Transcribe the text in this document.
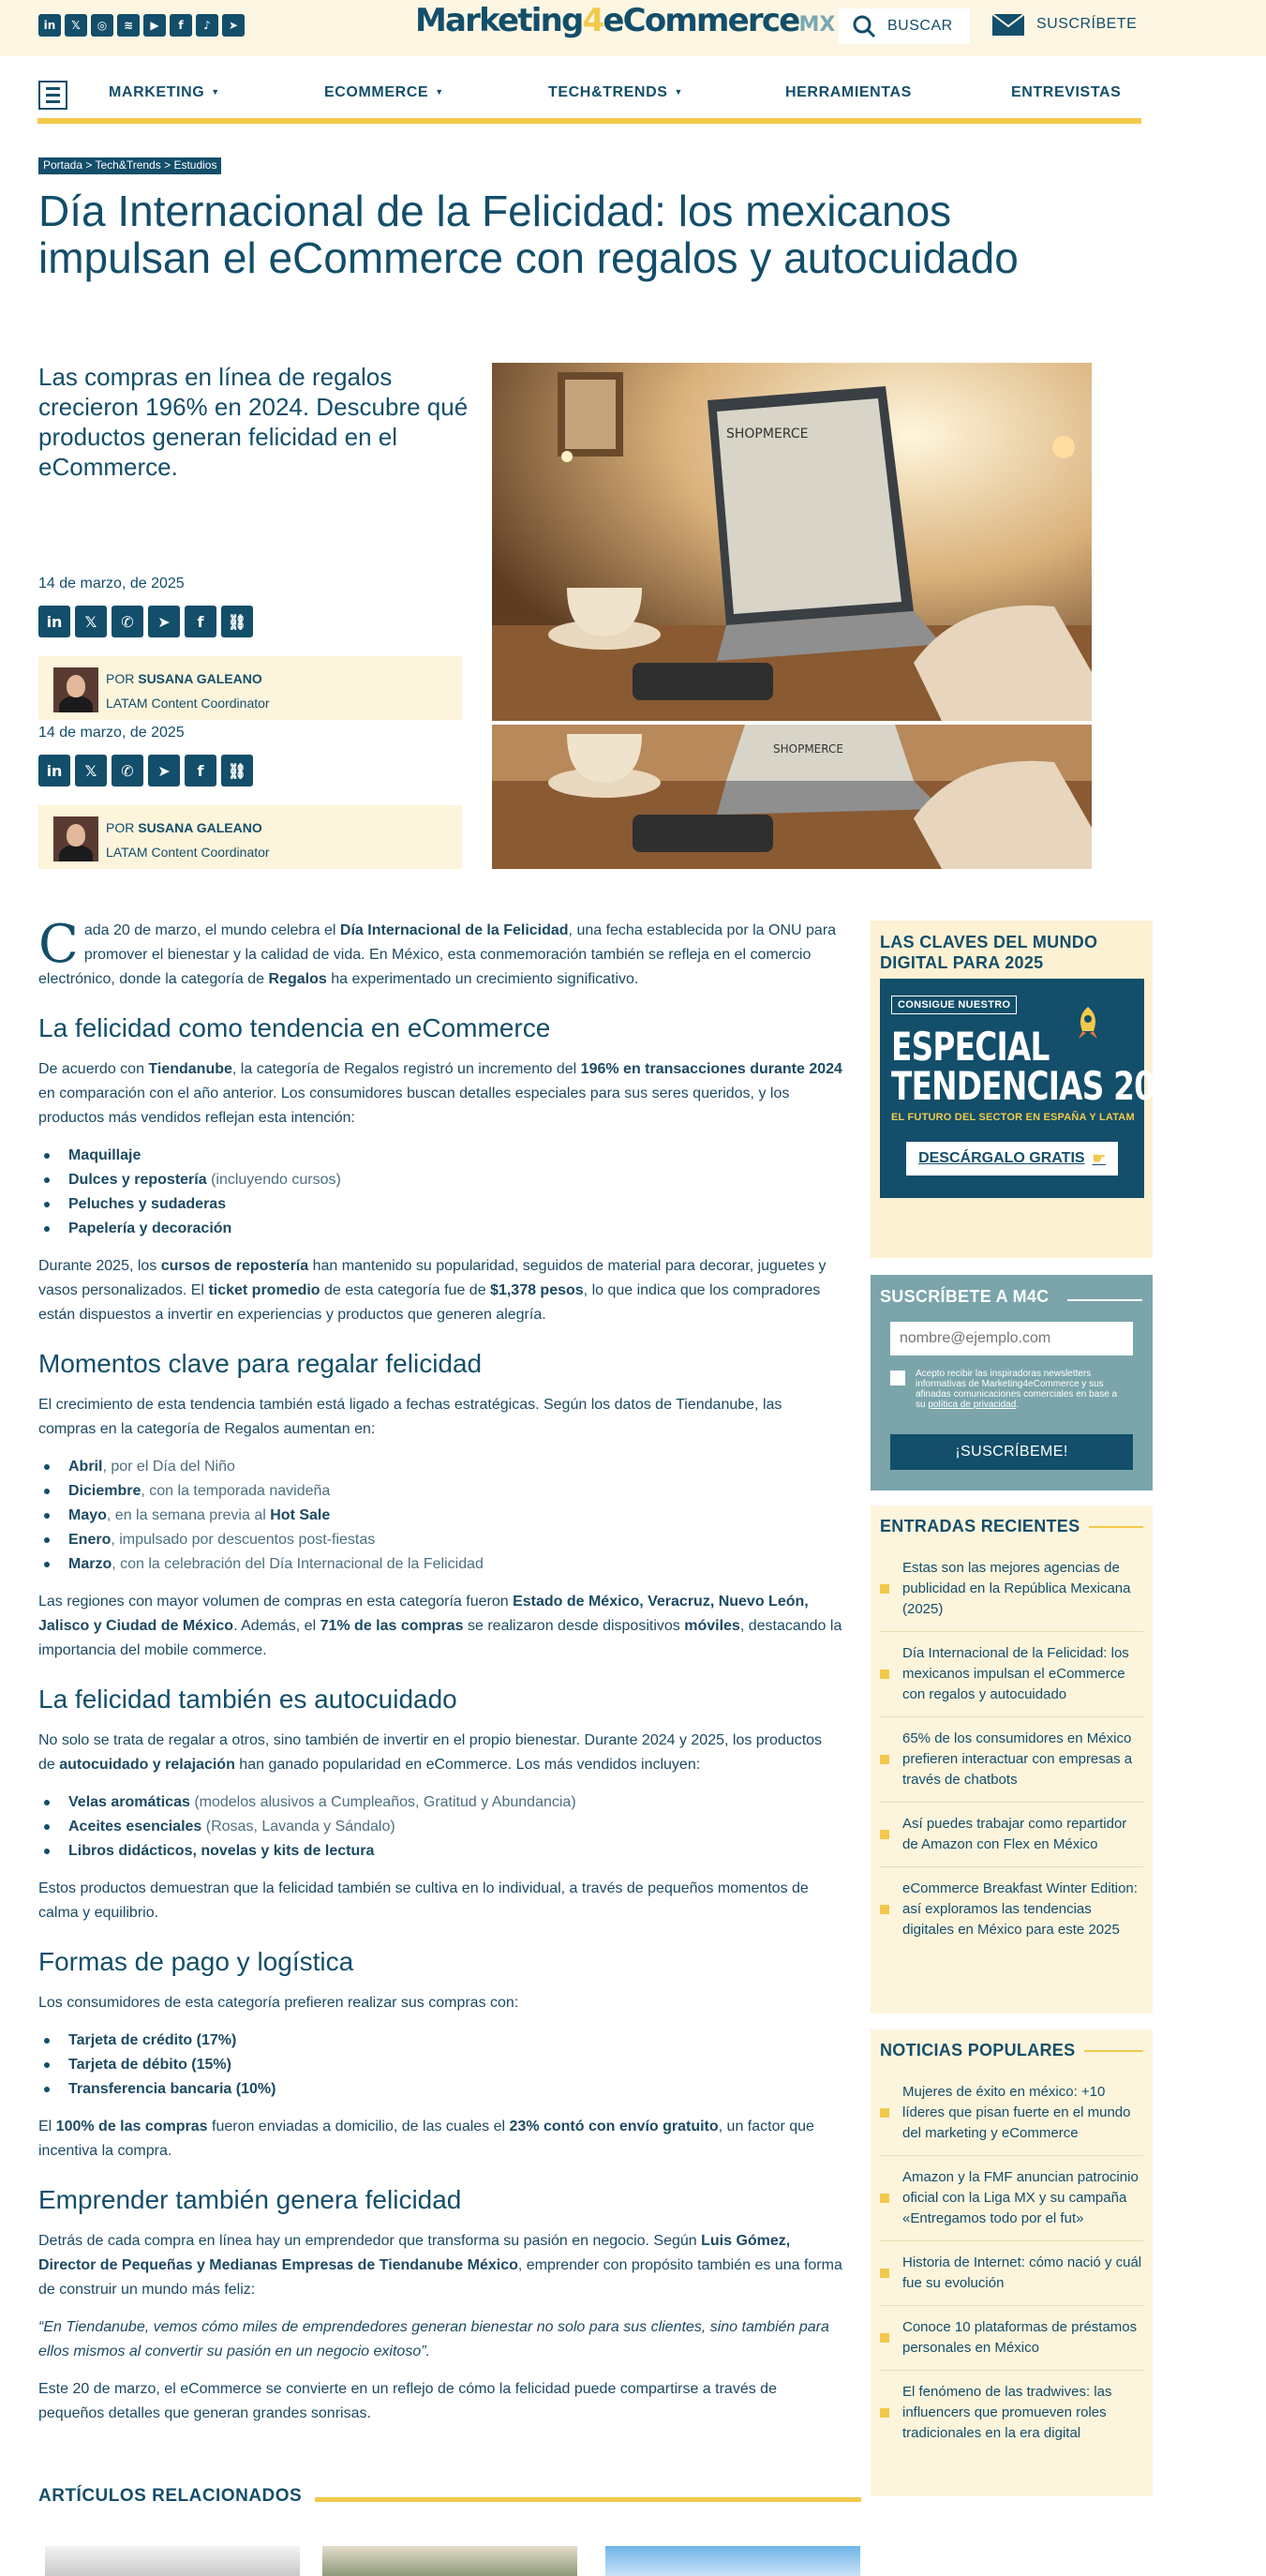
in	𝕏	◎	≋	▶	f	♪	➤	Marketing4eCommerceMX	BUSCAR	SUSCRÍBETE
MARKETING ▼	ECOMMERCE ▼	TECH&TRENDS ▼	HERRAMIENTAS	ENTREVISTAS
Portada > Tech&Trends > Estudios
Día Internacional de la Felicidad: los mexicanos impulsan el eCommerce con regalos y autocuidado
Las compras en línea de regalos crecieron 196% en 2024. Descubre qué productos generan felicidad en el eCommerce.
14 de marzo, de 2025
in	𝕏	✆	➤	f	⛓
POR SUSANA GALEANO
LATAM Content Coordinator
14 de marzo, de 2025
in	𝕏	✆	➤	f	⛓
POR SUSANA GALEANO
LATAM Content Coordinator
SHOPMERCE
SHOPMERCE

Cada 20 de marzo, el mundo celebra el Día Internacional de la Felicidad, una fecha establecida por la ONU para promover el bienestar y la calidad de vida. En México, esta conmemoración también se refleja en el comercio electrónico, donde la categoría de Regalos ha experimentado un crecimiento significativo.

La felicidad como tendencia en eCommerce

De acuerdo con Tiendanube, la categoría de Regalos registró un incremento del 196% en transacciones durante 2024 en comparación con el año anterior. Los consumidores buscan detalles especiales para sus seres queridos, y los productos más vendidos reflejan esta intención:

Maquillaje
Dulces y repostería (incluyendo cursos)
Peluches y sudaderas
Papelería y decoración

Durante 2025, los cursos de repostería han mantenido su popularidad, seguidos de material para decorar, juguetes y vasos personalizados. El ticket promedio de esta categoría fue de $1,378 pesos, lo que indica que los compradores están dispuestos a invertir en experiencias y productos que generen alegría.

Momentos clave para regalar felicidad

El crecimiento de esta tendencia también está ligado a fechas estratégicas. Según los datos de Tiendanube, las compras en la categoría de Regalos aumentan en:

Abril, por el Día del Niño
Diciembre, con la temporada navideña
Mayo, en la semana previa al Hot Sale
Enero, impulsado por descuentos post-fiestas
Marzo, con la celebración del Día Internacional de la Felicidad

Las regiones con mayor volumen de compras en esta categoría fueron Estado de México, Veracruz, Nuevo León, Jalisco y Ciudad de México. Además, el 71% de las compras se realizaron desde dispositivos móviles, destacando la importancia del mobile commerce.

La felicidad también es autocuidado

No solo se trata de regalar a otros, sino también de invertir en el propio bienestar. Durante 2024 y 2025, los productos de autocuidado y relajación han ganado popularidad en eCommerce. Los más vendidos incluyen:

Velas aromáticas (modelos alusivos a Cumpleaños, Gratitud y Abundancia)
Aceites esenciales (Rosas, Lavanda y Sándalo)
Libros didácticos, novelas y kits de lectura

Estos productos demuestran que la felicidad también se cultiva en lo individual, a través de pequeños momentos de calma y equilibrio.

Formas de pago y logística

Los consumidores de esta categoría prefieren realizar sus compras con:

Tarjeta de crédito (17%)
Tarjeta de débito (15%)
Transferencia bancaria (10%)

El 100% de las compras fueron enviadas a domicilio, de las cuales el 23% contó con envío gratuito, un factor que incentiva la compra.

Emprender también genera felicidad

Detrás de cada compra en línea hay un emprendedor que transforma su pasión en negocio. Según Luis Gómez, Director de Pequeñas y Medianas Empresas de Tiendanube México, emprender con propósito también es una forma de construir un mundo más feliz:

“En Tiendanube, vemos cómo miles de emprendedores generan bienestar no solo para sus clientes, sino también para ellos mismos al convertir su pasión en un negocio exitoso”.

Este 20 de marzo, el eCommerce se convierte en un reflejo de cómo la felicidad puede compartirse a través de pequeños detalles que generan grandes sonrisas.

ARTÍCULOS RELACIONADOS
LAS CLAVES DEL MUNDO DIGITAL PARA 2025
CONSIGUE NUESTRO
ESPECIAL
TENDENCIAS 2025
EL FUTURO DEL SECTOR EN ESPAÑA Y LATAM
DESCÁRGALO GRATIS ☛
SUSCRÍBETE A M4C
nombre@ejemplo.com
Acepto recibir las inspiradoras newsletters informativas de Marketing4eCommerce y sus afinadas comunicaciones comerciales en base a su política de privacidad.
¡SUSCRÍBEME!
ENTRADAS RECIENTES
Estas son las mejores agencias de publicidad en la República Mexicana (2025)
Día Internacional de la Felicidad: los mexicanos impulsan el eCommerce con regalos y autocuidado
65% de los consumidores en México prefieren interactuar con empresas a través de chatbots
Así puedes trabajar como repartidor de Amazon con Flex en México
eCommerce Breakfast Winter Edition: así exploramos las tendencias digitales en México para este 2025
NOTICIAS POPULARES
Mujeres de éxito en méxico: +10 líderes que pisan fuerte en el mundo del marketing y eCommerce
Amazon y la FMF anuncian patrocinio oficial con la Liga MX y su campaña «Entregamos todo por el fut»
Historia de Internet: cómo nació y cuál fue su evolución
Conoce 10 plataformas de préstamos personales en México
El fenómeno de las tradwives: las influencers que promueven roles tradicionales en la era digital
